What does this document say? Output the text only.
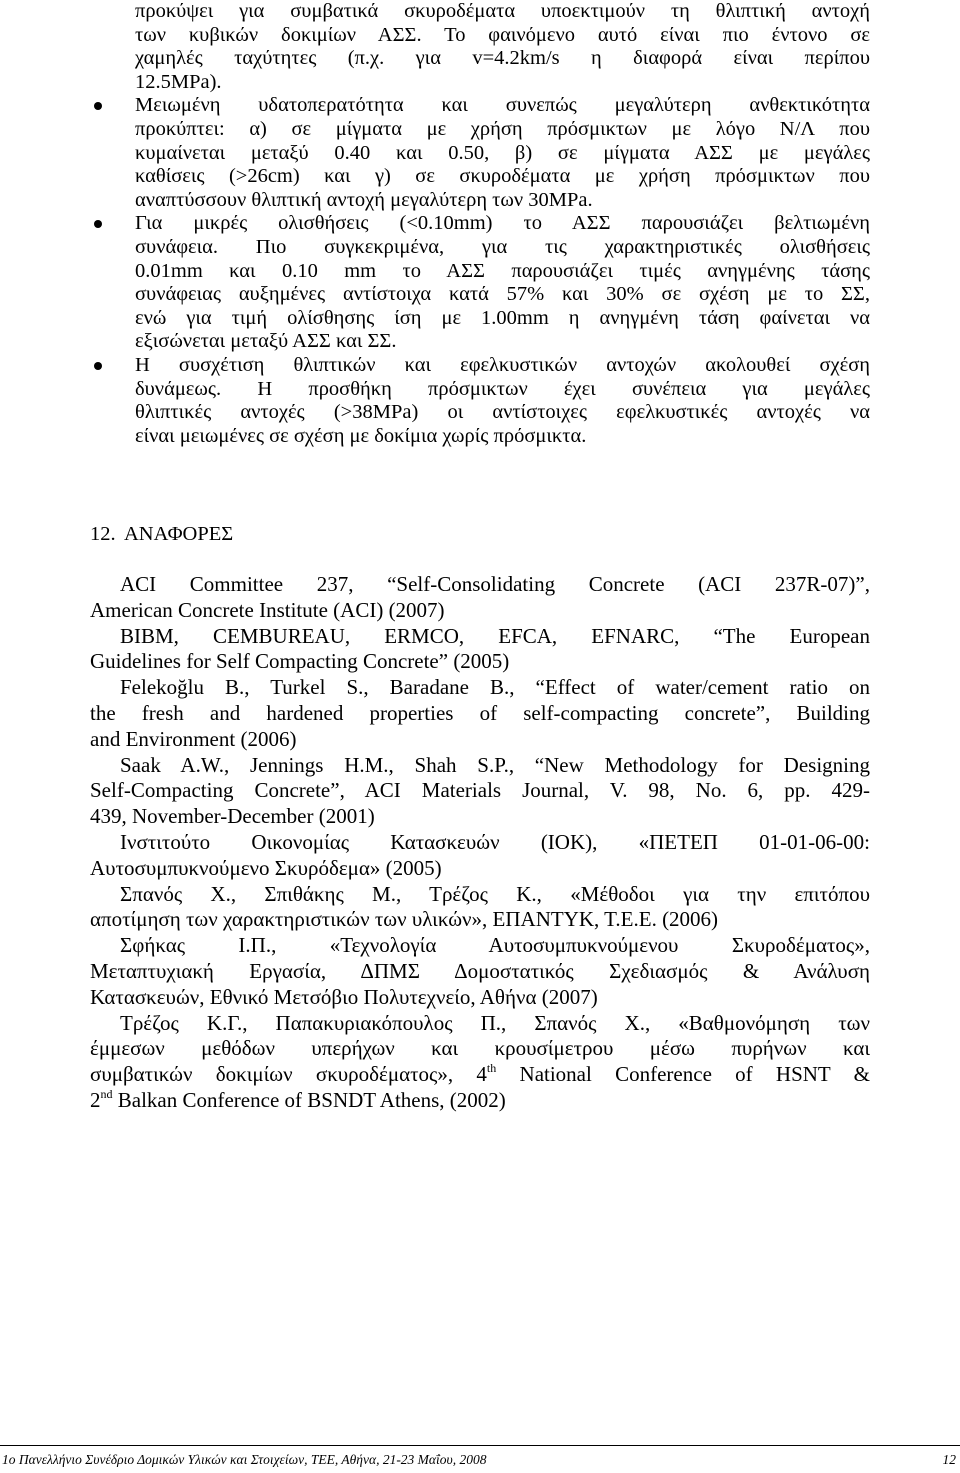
προκύψει για συμβατικά σκυροδέματα υποεκτιμούν τη θλιπτική αντοχή
των κυβικών δοκιμίων ΑΣΣ. Το φαινόμενο αυτό είναι πιο έντονο σε
χαμηλές ταχύτητες (π.χ. για v=4.2km/s η διαφορά είναι περίπου
12.5MPa).
Μειωμένη υδατοπερατότητα και συνεπώς μεγαλύτερη ανθεκτικότητα
προκύπτει: α) σε μίγματα με χρήση πρόσμικτων με λόγο Ν/Λ που
κυμαίνεται μεταξύ 0.40 και 0.50, β) σε μίγματα ΑΣΣ με μεγάλες
καθίσεις (>26cm) και γ) σε σκυροδέματα με χρήση πρόσμικτων που
αναπτύσσουν θλιπτική αντοχή μεγαλύτερη των 30MPa.
Για μικρές ολισθήσεις (<0.10mm) το ΑΣΣ παρουσιάζει βελτιωμένη
συνάφεια. Πιο συγκεκριμένα, για τις χαρακτηριστικές ολισθήσεις
0.01mm και 0.10 mm το ΑΣΣ παρουσιάζει τιμές ανηγμένης τάσης
συνάφειας αυξημένες αντίστοιχα κατά 57% και 30% σε σχέση με το ΣΣ,
ενώ για τιμή ολίσθησης ίση με 1.00mm η ανηγμένη τάση φαίνεται να
εξισώνεται μεταξύ ΑΣΣ και ΣΣ.
Η συσχέτιση θλιπτικών και εφελκυστικών αντοχών ακολουθεί σχέση
δυνάμεως. Η προσθήκη πρόσμικτων έχει συνέπεια για μεγάλες
θλιπτικές αντοχές (>38MPa) οι αντίστοιχες εφελκυστικές αντοχές να
είναι μειωμένες σε σχέση με δοκίμια χωρίς πρόσμικτα.
12. ΑΝΑΦΟΡΕΣ
ACI Committee 237, “Self-Consolidating Concrete (ACI 237R-07)”,
American Concrete Institute (ACI) (2007)
BIBM, CEMBUREAU, ERMCO, EFCA, EFNARC, “The European
Guidelines for Self Compacting Concrete” (2005)
Felekoğlu B., Turkel S., Baradane B., “Effect of water/cement ratio on
the fresh and hardened properties of self-compacting concrete”, Building
and Environment (2006)
Saak A.W., Jennings H.M., Shah S.P., “New Methodology for Designing
Self-Compacting Concrete”, ACI Materials Journal, V. 98, No. 6, pp. 429-
439, November-December (2001)
Ινστιτούτο Οικονομίας Κατασκευών (ΙΟΚ), «ΠΕΤΕΠ 01-01-06-00:
Αυτοσυμπυκνούμενο Σκυρόδεμα» (2005)
Σπανός Χ., Σπιθάκης Μ., Τρέζος Κ., «Μέθοδοι για την επιτόπου
αποτίμηση των χαρακτηριστικών των υλικών», ΕΠΑΝΤΥΚ, Τ.Ε.Ε. (2006)
Σφήκας Ι.Π., «Τεχνολογία Αυτοσυμπυκνούμενου Σκυροδέματος»,
Μεταπτυχιακή Εργασία, ΔΠΜΣ Δομοστατικός Σχεδιασμός & Ανάλυση
Κατασκευών, Εθνικό Μετσόβιο Πολυτεχνείο, Αθήνα (2007)
Τρέζος Κ.Γ., Παπακυριακόπουλος Π., Σπανός Χ., «Βαθμονόμηση των
έμμεσων μεθόδων υπερήχων και κρουσίμετρου μέσω πυρήνων και
συμβατικών δοκιμίων σκυροδέματος», 4th National Conference of HSNT &
2nd Balkan Conference of BSNDT Athens, (2002)
1ο Πανελλήνιο Συνέδριο Δομικών Υλικών και Στοιχείων, ΤΕΕ, Αθήνα, 21-23 Μαΐου, 2008	12
